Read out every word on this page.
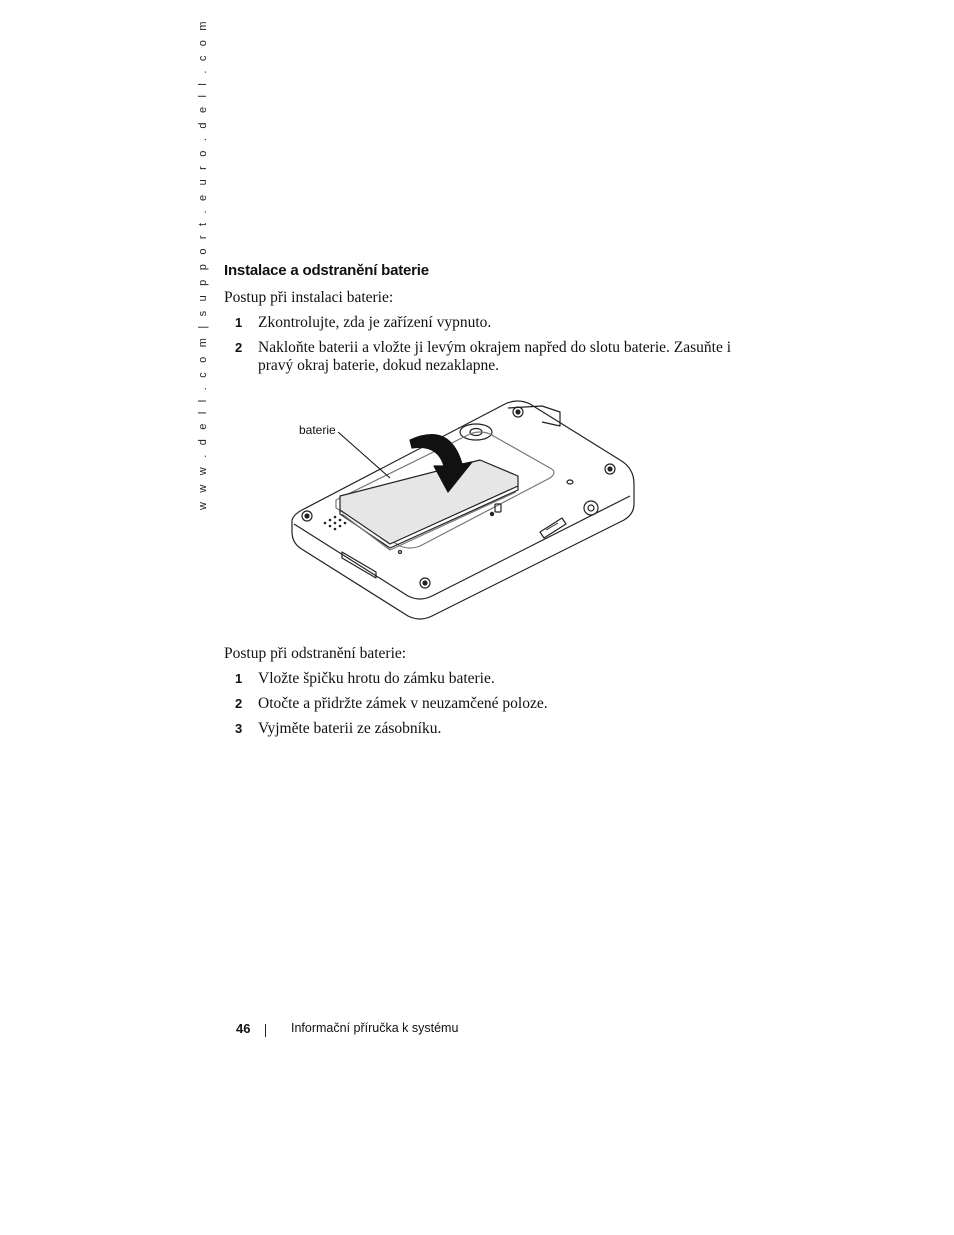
w w w . d e l l . c o m | s u p p o r t . e u r o . d e l l . c o m Instalace a odstranění baterie

Postup při instalaci baterie:

1 Zkontrolujte, zda je zařízení vypnuto.
2 Nakloňte baterii a vložte ji levým okrajem napřed do slotu baterie. Zasuňte i pravý okraj baterie, dokud nezaklapne.
baterie

Postup při odstranění baterie:

1 Vložte špičku hrotu do zámku baterie.
2 Otočte a přidržte zámek v neuzamčené poloze.
3 Vyjměte baterii ze zásobníku.
46	Informační příručka k systému
